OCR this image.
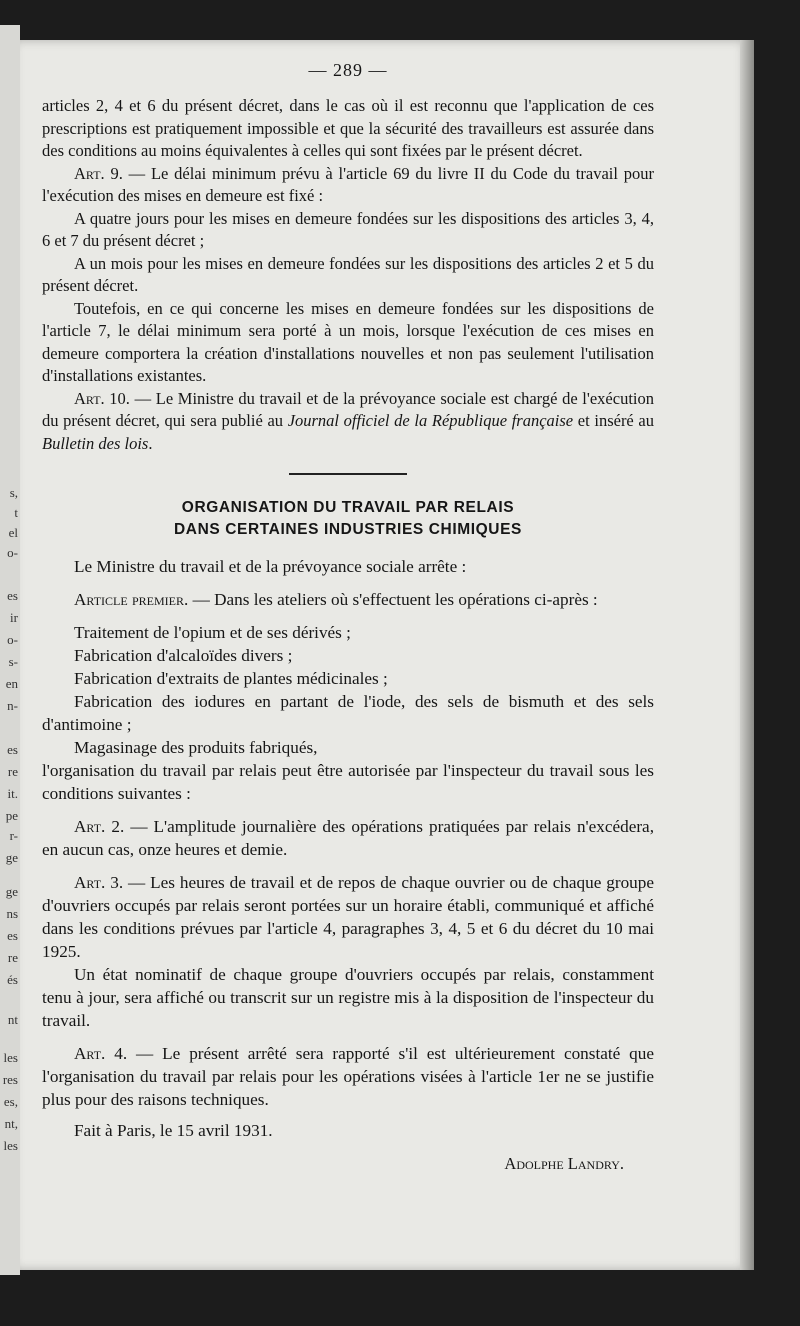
s,
t
el
o-
es
ir
o-
s-
en
n-
es
re
it.
pe
r-
ge
ge
ns
es
re
és
nt
les
res
es,
nt,
les
— 289 —

articles 2, 4 et 6 du présent décret, dans le cas où il est reconnu que l'application de ces prescriptions est pratiquement impossible et que la sécurité des travailleurs est assurée dans des conditions au moins équivalentes à celles qui sont fixées par le présent décret.

Art. 9. — Le délai minimum prévu à l'article 69 du livre II du Code du travail pour l'exécution des mises en demeure est fixé :

A quatre jours pour les mises en demeure fondées sur les dispositions des articles 3, 4, 6 et 7 du présent décret ;

A un mois pour les mises en demeure fondées sur les dispositions des articles 2 et 5 du présent décret.

Toutefois, en ce qui concerne les mises en demeure fondées sur les dispositions de l'article 7, le délai minimum sera porté à un mois, lorsque l'exécution de ces mises en demeure comportera la création d'installations nouvelles et non pas seulement l'utilisation d'installations existantes.

Art. 10. — Le Ministre du travail et de la prévoyance sociale est chargé de l'exécution du présent décret, qui sera publié au Journal officiel de la République française et inséré au Bulletin des lois.

ORGANISATION DU TRAVAIL PAR RELAIS
DANS CERTAINES INDUSTRIES CHIMIQUES

Le Ministre du travail et de la prévoyance sociale arrête :

Article premier. — Dans les ateliers où s'effectuent les opérations ci-après :

Traitement de l'opium et de ses dérivés ;

Fabrication d'alcaloïdes divers ;

Fabrication d'extraits de plantes médicinales ;

Fabrication des iodures en partant de l'iode, des sels de bismuth et des sels d'antimoine ;

Magasinage des produits fabriqués,

l'organisation du travail par relais peut être autorisée par l'inspecteur du travail sous les conditions suivantes :

Art. 2. — L'amplitude journalière des opérations pratiquées par relais n'excédera, en aucun cas, onze heures et demie.

Art. 3. — Les heures de travail et de repos de chaque ouvrier ou de chaque groupe d'ouvriers occupés par relais seront portées sur un horaire établi, communiqué et affiché dans les conditions prévues par l'article 4, paragraphes 3, 4, 5 et 6 du décret du 10 mai 1925.

Un état nominatif de chaque groupe d'ouvriers occupés par relais, constamment tenu à jour, sera affiché ou transcrit sur un registre mis à la disposition de l'inspecteur du travail.

Art. 4. — Le présent arrêté sera rapporté s'il est ultérieurement constaté que l'organisation du travail par relais pour les opérations visées à l'article 1er ne se justifie plus pour des raisons techniques.

Fait à Paris, le 15 avril 1931.

Adolphe Landry.
